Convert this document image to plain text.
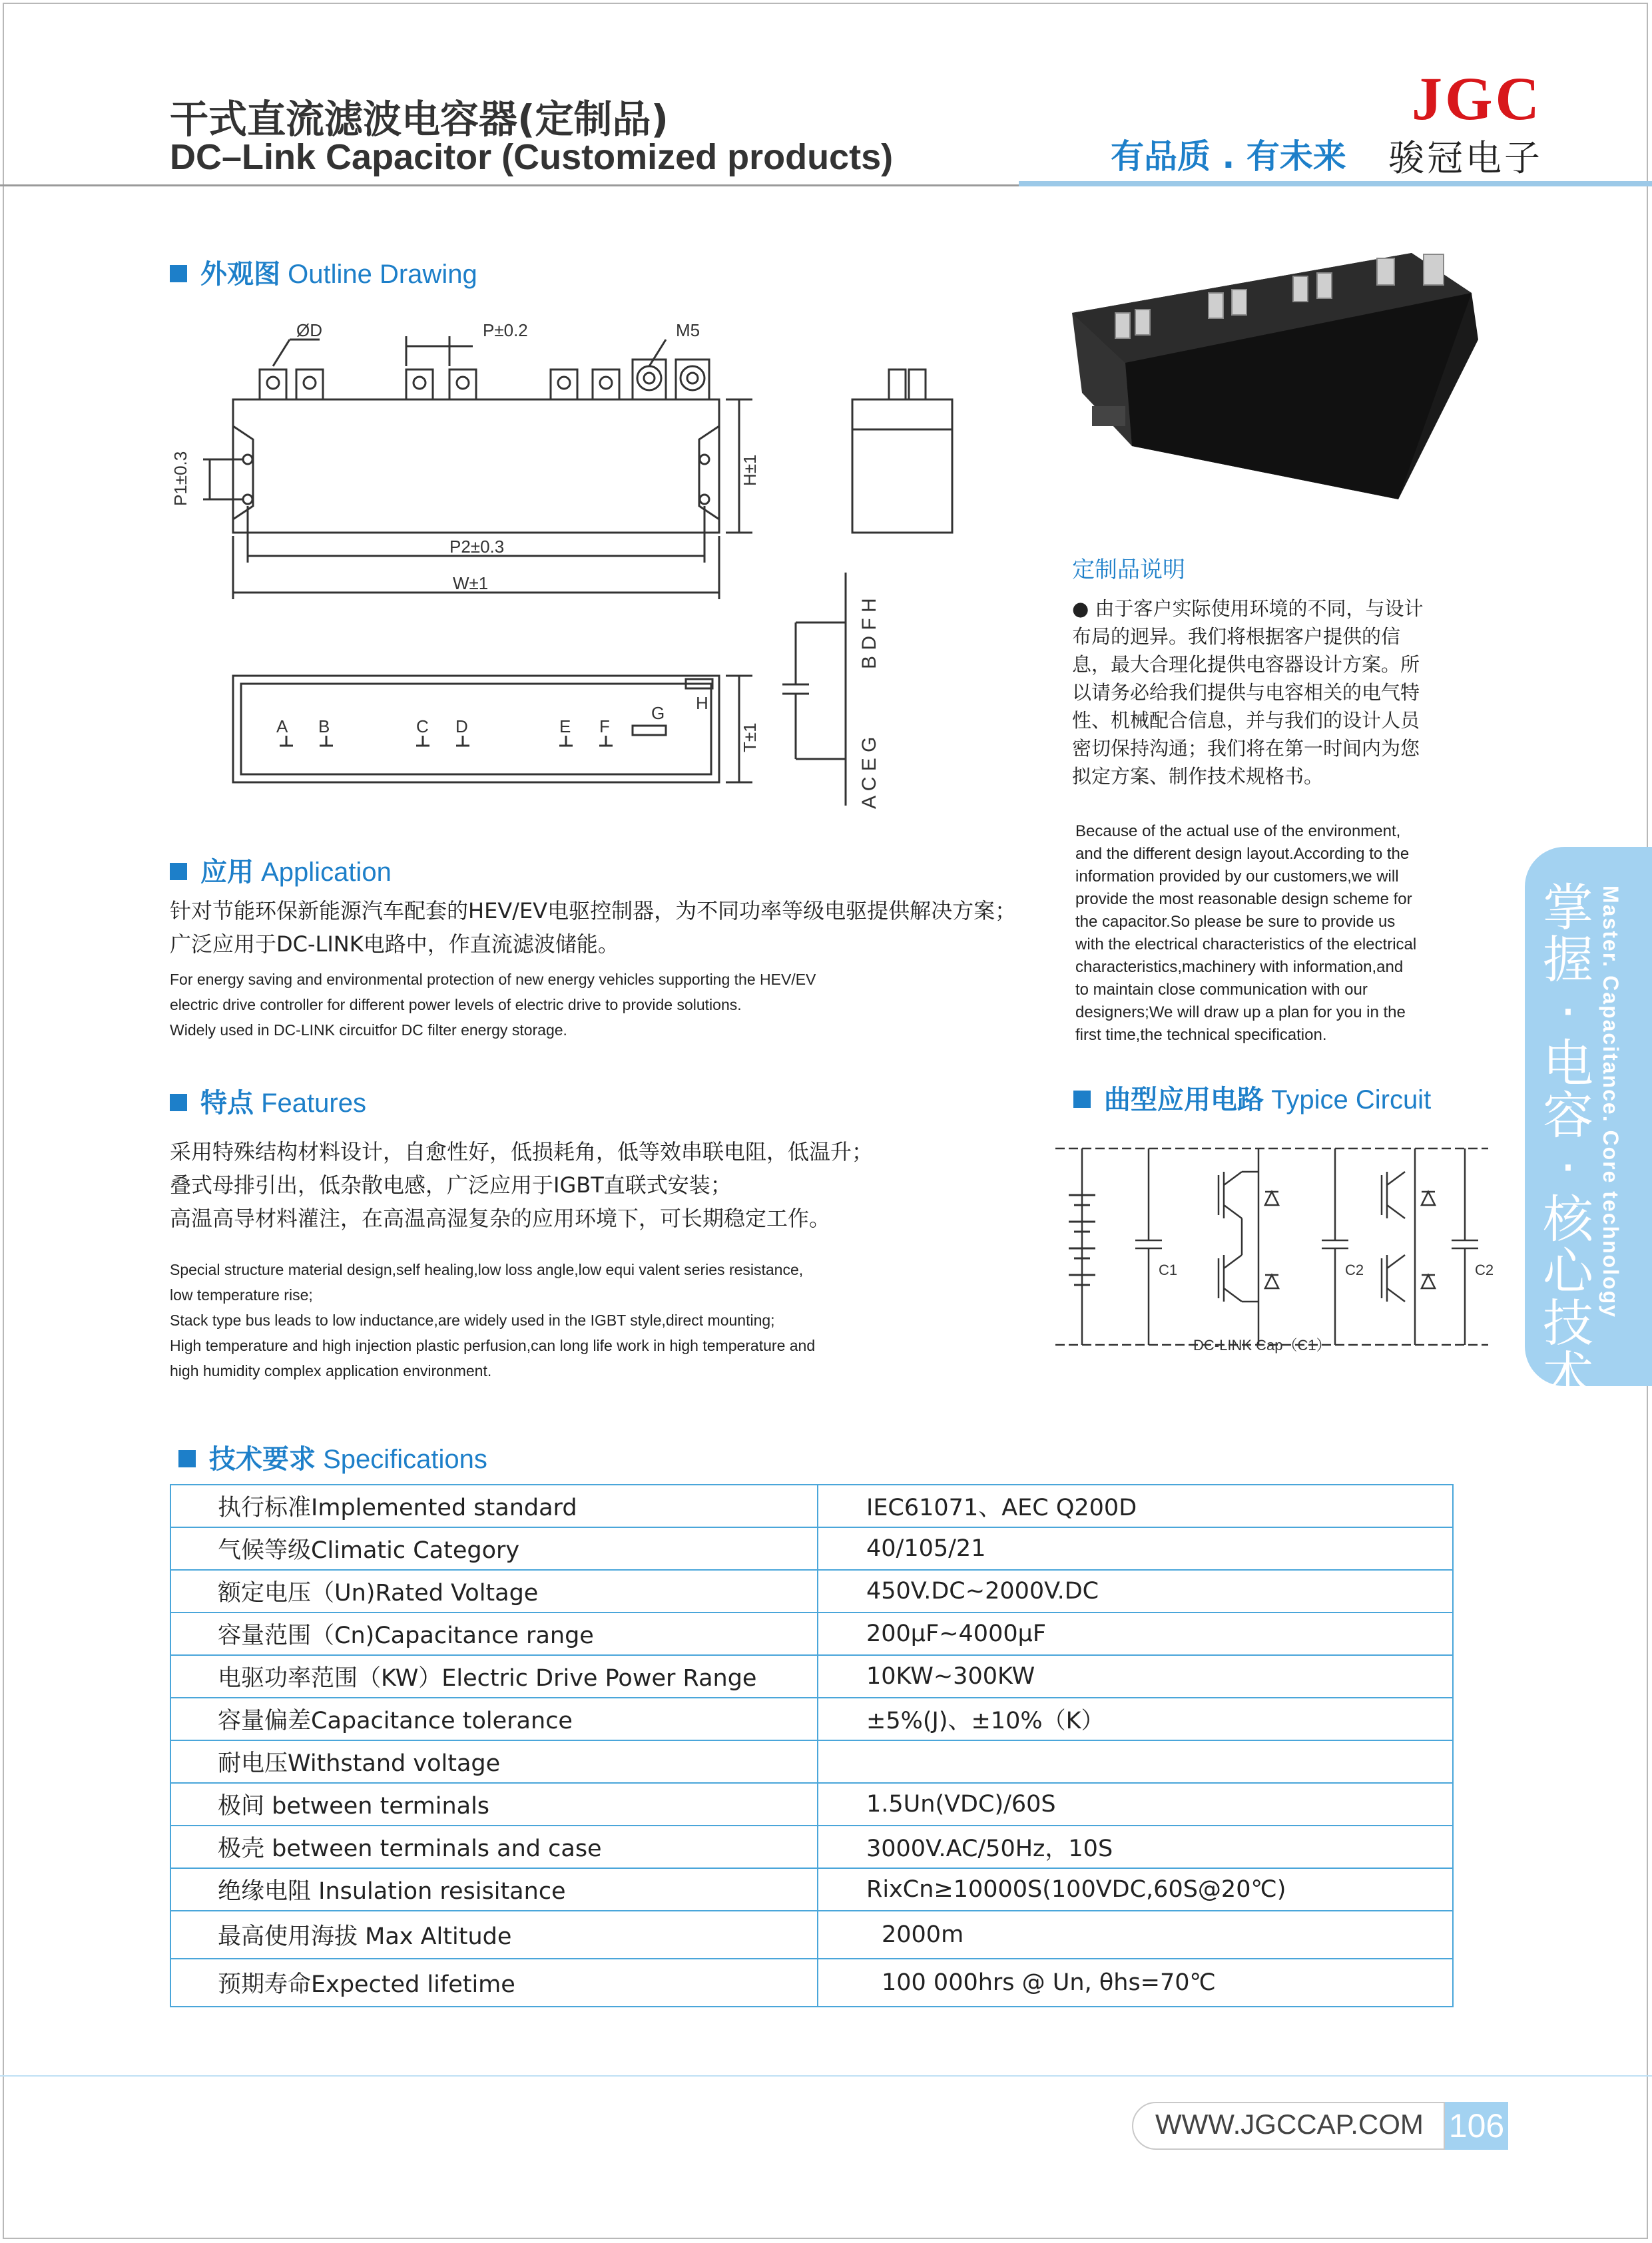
干式直流滤波电容器(定制品)
DC–Link Capacitor (Customized products)
JGC
有品质 . 有未来 骏冠电子
外观图 Outline Drawing
ØD	P±0.2	M5
P1±0.3	H±1
P2±0.3
W±1
T±1
A B	C D	E F
G H
B D F H
A C E G
定制品说明
● 由于客户实际使用环境的不同，与设计
布局的迥异。我们将根据客户提供的信
息，最大合理化提供电容器设计方案。所
以请务必给我们提供与电容相关的电气特
性、机械配合信息，并与我们的设计人员
密切保持沟通；我们将在第一时间内为您
拟定方案、制作技术规格书。
Because of the actual use of the environment,
and the different design layout.According to the
information provided by our customers,we will
provide the most reasonable design scheme for
the capacitor.So please be sure to provide us
with the electrical characteristics of the electrical
characteristics,machinery with information,and
to maintain close communication with our
designers;We will draw up a plan for you in the
first time,the technical specification.
应用 Application
针对节能环保新能源汽车配套的HEV/EV电驱控制器，为不同功率等级电驱提供解决方案；
广泛应用于DC-LINK电路中，作直流滤波储能。
For energy saving and environmental protection of new energy vehicles supporting the HEV/EV
electric drive controller for different power levels of electric drive to provide solutions.
Widely used in DC-LINK circuitfor DC filter energy storage.
特点 Features
采用特殊结构材料设计，自愈性好，低损耗角，低等效串联电阻，低温升；
叠式母排引出，低杂散电感，广泛应用于IGBT直联式安装；
高温高导材料灌注，在高温高湿复杂的应用环境下，可长期稳定工作。
Special structure material design,self healing,low loss angle,low equi valent series resistance,
low temperature rise;
Stack type bus leads to low inductance,are widely used in the IGBT style,direct mounting;
High temperature and high injection plastic perfusion,can long life work in high temperature and
high humidity complex application environment.
曲型应用电路 Typice Circuit
C1	C2	C2
DC-LINK Cap（C1）
掌握·电容·核心技术
Master. Capacitance. Core technology
技术要求 Specifications
执行标准Implemented standard	IEC61071、AEC Q200D
气候等级Climatic Category	40/105/21
额定电压（Un)Rated Voltage	450V.DC~2000V.DC
容量范围（Cn)Capacitance range	200μF~4000μF
电驱功率范围（KW）Electric Drive Power Range	10KW~300KW
容量偏差Capacitance tolerance	±5%(J)、±10%（K）
耐电压Withstand voltage	
极间 between terminals	1.5Un(VDC)/60S
极壳 between terminals and case	3000V.AC/50Hz，10S
绝缘电阻 Insulation resisitance	RixCn≥10000S(100VDC,60S@20℃)
最高使用海拔 Max Altitude	2000m
预期寿命Expected lifetime	100 000hrs @ Un, θhs=70℃
WWW.JGCCAP.COM 106
